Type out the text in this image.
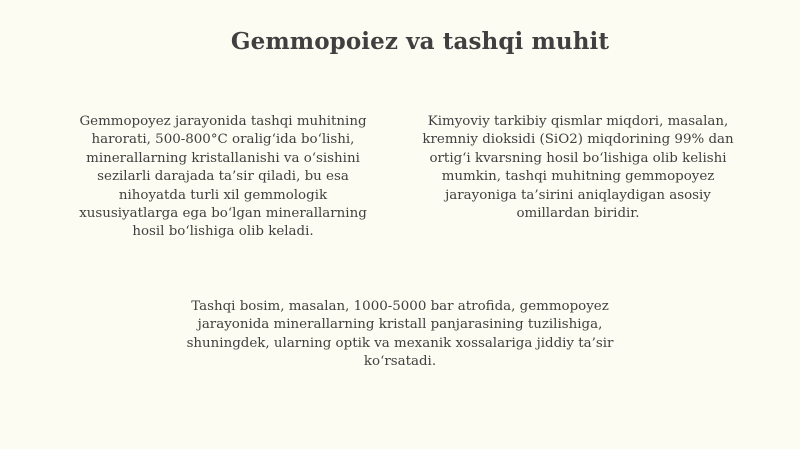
Gemmopoiez va tashqi muhit

Gemmopoyez jarayonida tashqi muhitning
harorati, 500-800°C oralig‘ida bo‘lishi,
minerallarning kristallanishi va o‘sishini
sezilarli darajada ta’sir qiladi, bu esa
nihoyatda turli xil gemmologik
xususiyatlarga ega bo‘lgan minerallarning
hosil bo‘lishiga olib keladi.

Kimyoviy tarkibiy qismlar miqdori, masalan,
kremniy dioksidi (SiO2) miqdorining 99% dan
ortig‘i kvarsning hosil bo‘lishiga olib kelishi
mumkin, tashqi muhitning gemmopoyez
jarayoniga ta’sirini aniqlaydigan asosiy
omillardan biridir.

Tashqi bosim, masalan, 1000-5000 bar atrofida, gemmopoyez
jarayonida minerallarning kristall panjarasining tuzilishiga,
shuningdek, ularning optik va mexanik xossalariga jiddiy ta’sir
ko‘rsatadi.
